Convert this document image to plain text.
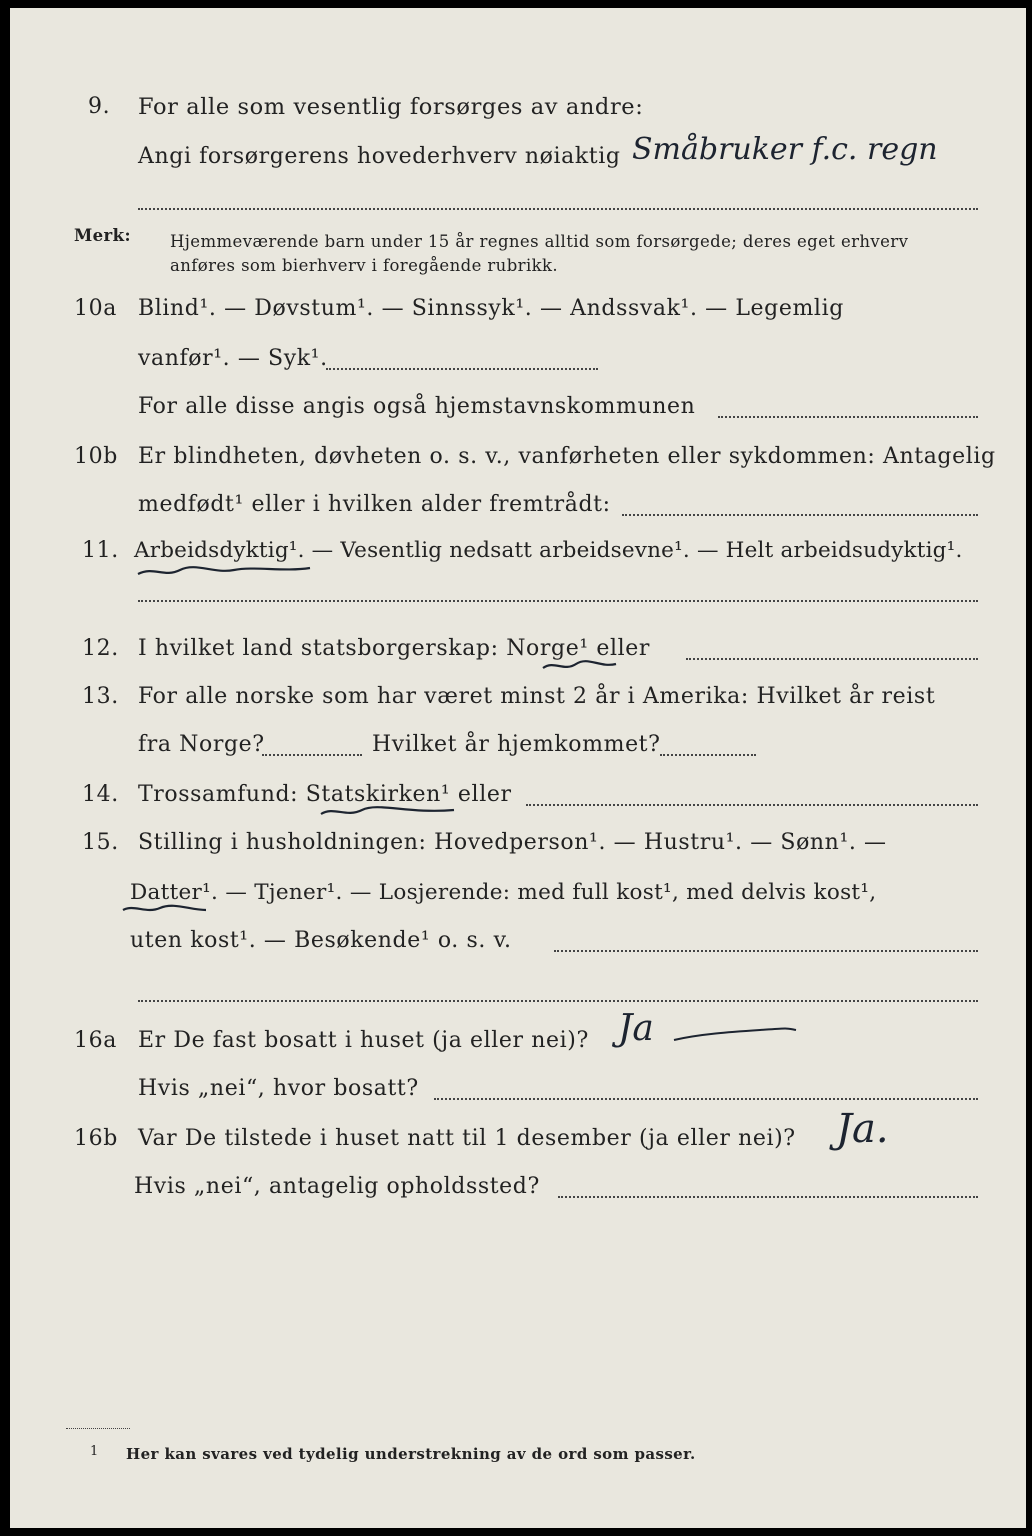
9. For alle som vesentlig forsørges av andre:
Angi forsørgerens hovederhverv nøiaktig Småbruker f.c. regn
Merk: Hjemmeværende barn under 15 år regnes alltid som forsørgede; deres eget erhverv
anføres som bierhverv i foregående rubrikk.
10a Blind¹. — Døvstum¹. — Sinnssyk¹. — Andssvak¹. — Legemlig
vanfør¹. — Syk¹.
For alle disse angis også hjemstavnskommunen
10b Er blindheten, døvheten o. s. v., vanførheten eller sykdommen: Antagelig
medfødt¹ eller i hvilken alder fremtrådt:
11. Arbeidsdyktig¹. — Vesentlig nedsatt arbeidsevne¹. — Helt arbeidsudyktig¹.
12. I hvilket land statsborgerskap: Norge¹ eller
13. For alle norske som har været minst 2 år i Amerika: Hvilket år reist
fra Norge?	Hvilket år hjemkommet?
14. Trossamfund: Statskirken¹ eller
15. Stilling i husholdningen: Hovedperson¹. — Hustru¹. — Sønn¹. —
Datter¹. — Tjener¹. — Losjerende: med full kost¹, med delvis kost¹,
uten kost¹. — Besøkende¹ o. s. v.
16a Er De fast bosatt i huset (ja eller nei)? Ja
Hvis „nei“, hvor bosatt?
16b Var De tilstede i huset natt til 1 desember (ja eller nei)? Ja.
Hvis „nei“, antagelig opholdssted?
1 Her kan svares ved tydelig understrekning av de ord som passer.
